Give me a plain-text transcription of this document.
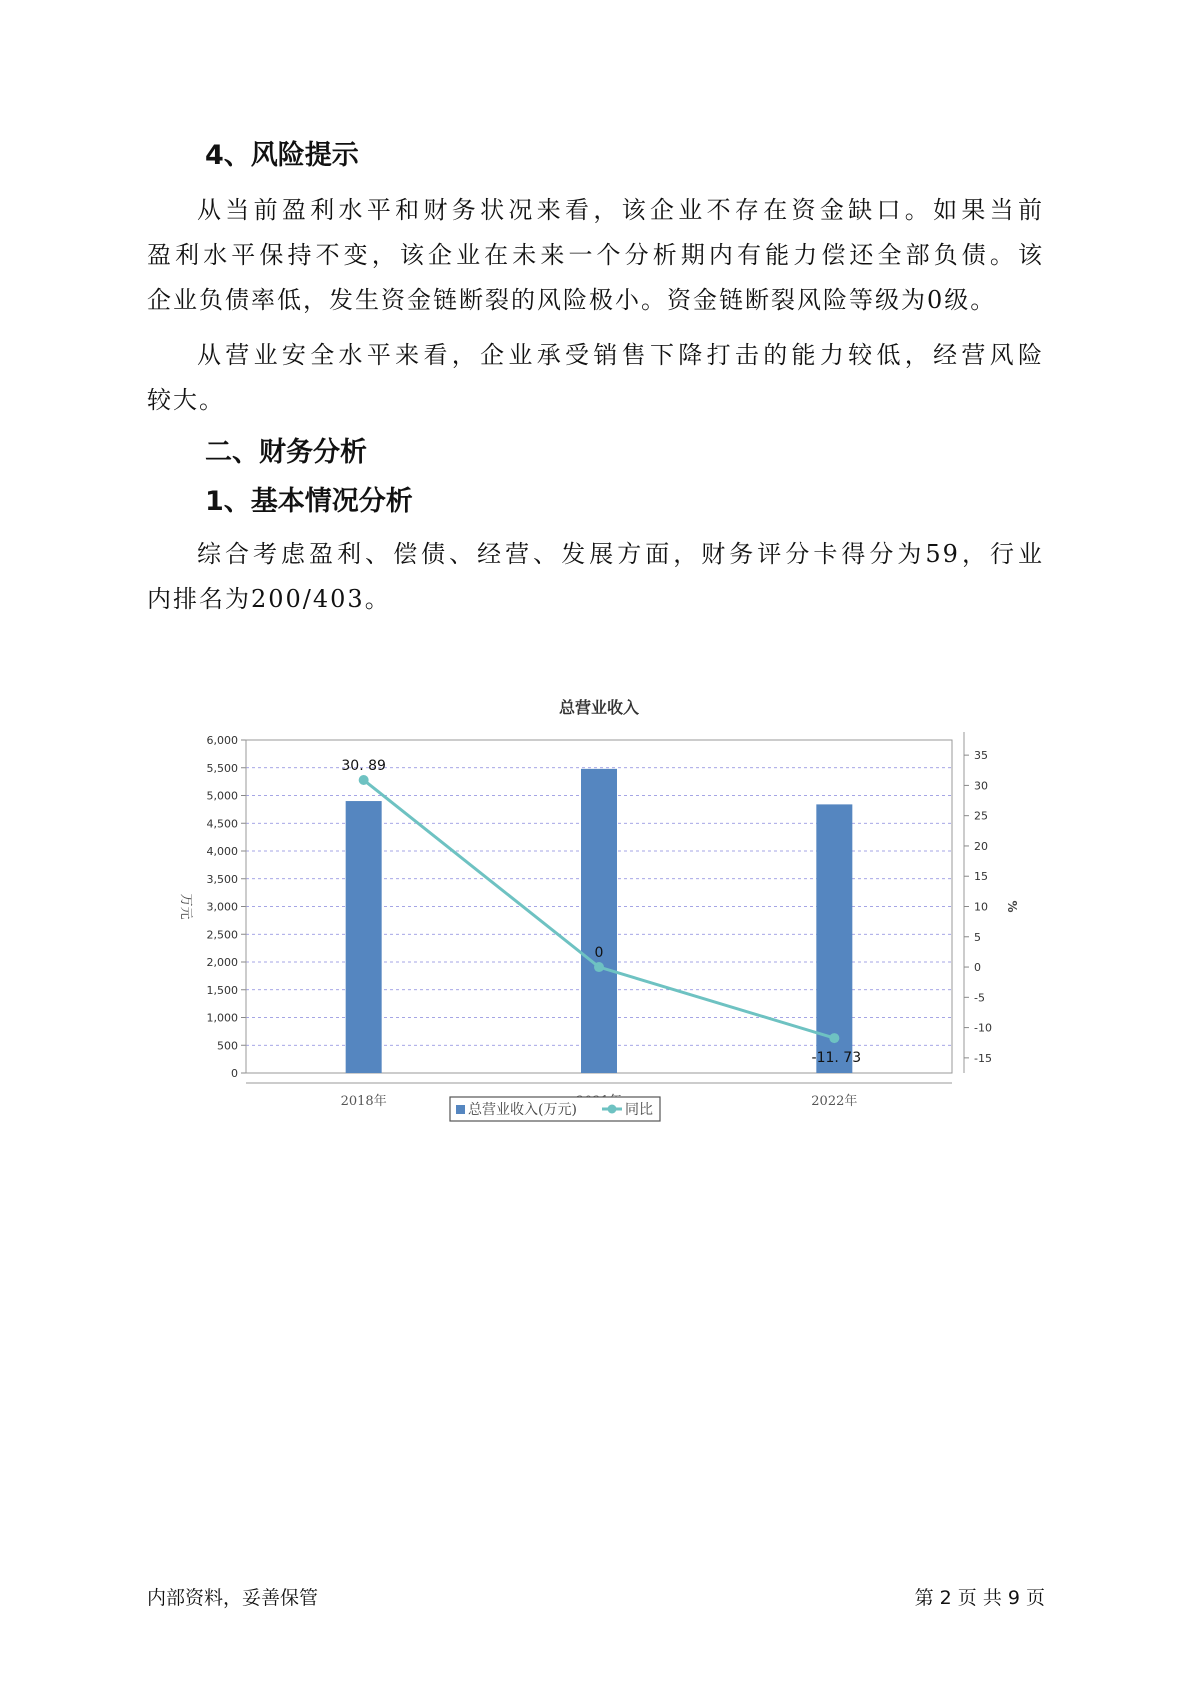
4、风险提示
从当前盈利水平和财务状况来看，该企业不存在资金缺口。如果当前
盈利水平保持不变，该企业在未来一个分析期内有能力偿还全部负债。该
企业负债率低，发生资金链断裂的风险极小。资金链断裂风险等级为0级。
从营业安全水平来看，企业承受销售下降打击的能力较低，经营风险
较大。
二、财务分析
1、基本情况分析
综合考虑盈利、偿债、经营、发展方面，财务评分卡得分为59，行业
内排名为200/403。
总营业收入
0
500
1,000
1,500
2,000
2,500
3,000
3,500
4,000
4,500
5,000
5,500
6,000
-15
-10
-5
0
5
10
15
20
25
30
35
万元	%
2018年	2022年
30. 89
0
-11. 73
总营业收入(万元)	同比
内部资料，妥善保管	第 2 页 共 9 页
